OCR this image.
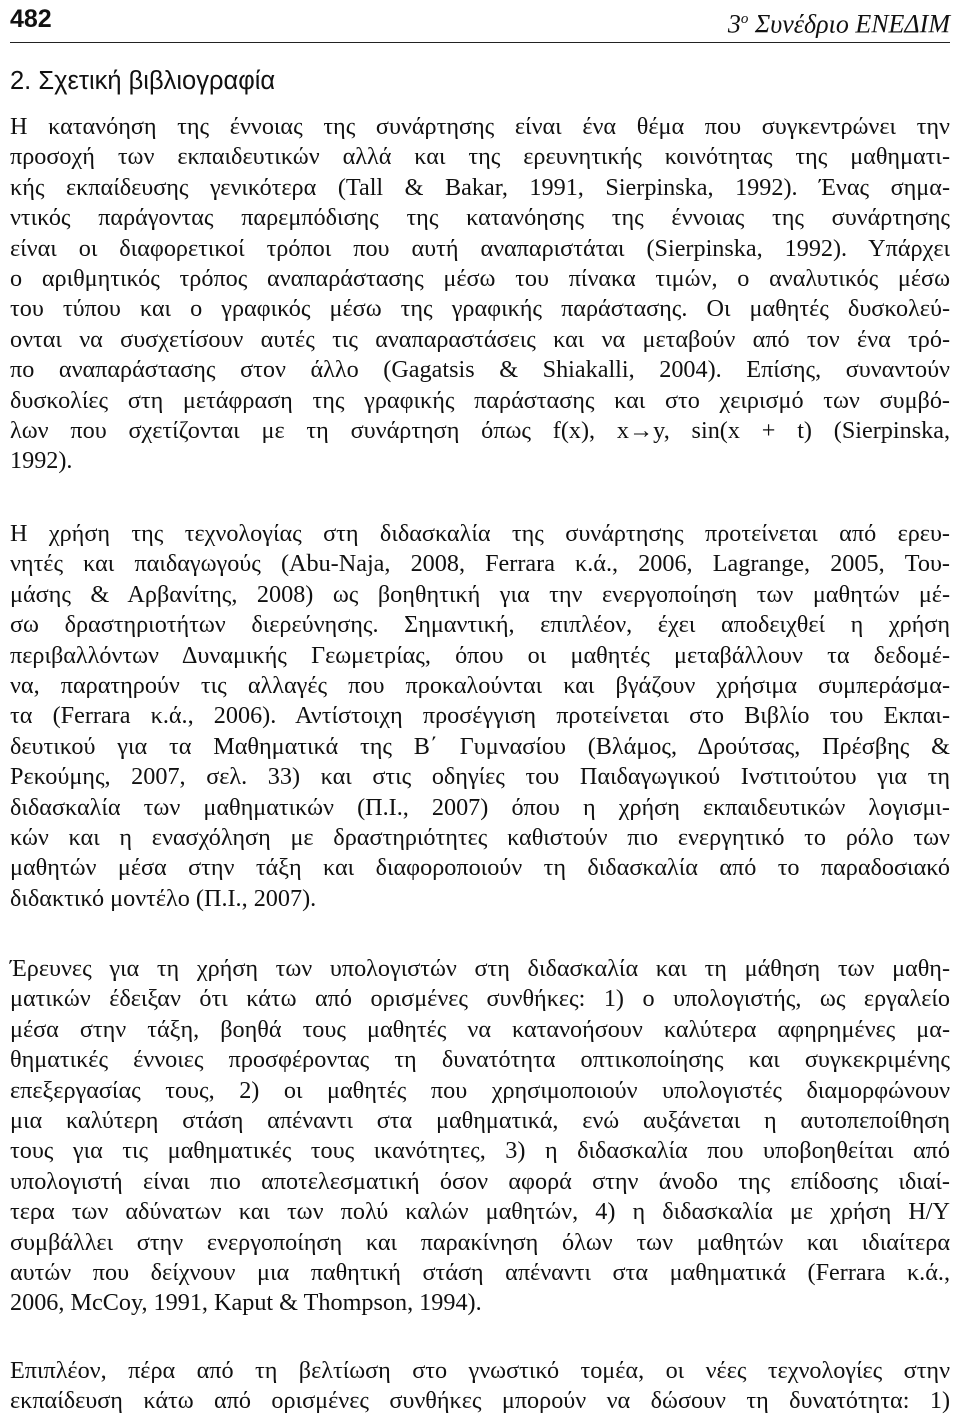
482	$3^o$ Συνέδριο ΕΝΕΔΙΜ
2. Σχετική βιβλιογραφία
Η κατανόηση της έννοιας της συνάρτησης είναι ένα θέμα που συγκεντρώνει την
προσοχή των εκπαιδευτικών αλλά και της ερευνητικής κοινότητας της μαθηματι-
κής εκπαίδευσης γενικότερα (Tall & Bakar, 1991, Sierpinska, 1992). Ένας σημα-
ντικός παράγοντας παρεμπόδισης της κατανόησης της έννοιας της συνάρτησης
είναι οι διαφορετικοί τρόποι που αυτή αναπαριστάται (Sierpinska, 1992). Υπάρχει
ο αριθμητικός τρόπος αναπαράστασης μέσω του πίνακα τιμών, ο αναλυτικός μέσω
του τύπου και ο γραφικός μέσω της γραφικής παράστασης. Οι μαθητές δυσκολεύ-
ονται να συσχετίσουν αυτές τις αναπαραστάσεις και να μεταβούν από τον ένα τρό-
πο αναπαράστασης στον άλλο (Gagatsis & Shiakalli, 2004). Επίσης, συναντούν
δυσκολίες στη μετάφραση της γραφικής παράστασης και στο χειρισμό των συμβό-
λων που σχετίζονται με τη συνάρτηση όπως f(x), x→y, sin(x + t) (Sierpinska,
1992).
Η χρήση της τεχνολογίας στη διδασκαλία της συνάρτησης προτείνεται από ερευ-
νητές και παιδαγωγούς (Abu-Naja, 2008, Ferrara κ.ά., 2006, Lagrange, 2005, Του-
μάσης & Αρβανίτης, 2008) ως βοηθητική για την ενεργοποίηση των μαθητών μέ-
σω δραστηριοτήτων διερεύνησης. Σημαντική, επιπλέον, έχει αποδειχθεί η χρήση
περιβαλλόντων Δυναμικής Γεωμετρίας, όπου οι μαθητές μεταβάλλουν τα δεδομέ-
να, παρατηρούν τις αλλαγές που προκαλούνται και βγάζουν χρήσιμα συμπεράσμα-
τα (Ferrara κ.ά., 2006). Αντίστοιχη προσέγγιση προτείνεται στο Βιβλίο του Εκπαι-
δευτικού για τα Μαθηματικά της Β΄ Γυμνασίου (Βλάμος, Δρούτσας, Πρέσβης &
Ρεκούμης, 2007, σελ. 33) και στις οδηγίες του Παιδαγωγικού Ινστιτούτου για τη
διδασκαλία των μαθηματικών (Π.Ι., 2007) όπου η χρήση εκπαιδευτικών λογισμι-
κών και η ενασχόληση με δραστηριότητες καθιστούν πιο ενεργητικό το ρόλο των
μαθητών μέσα στην τάξη και διαφοροποιούν τη διδασκαλία από το παραδοσιακό
διδακτικό μοντέλο (Π.Ι., 2007).
Έρευνες για τη χρήση των υπολογιστών στη διδασκαλία και τη μάθηση των μαθη-
ματικών έδειξαν ότι κάτω από ορισμένες συνθήκες: 1) ο υπολογιστής, ως εργαλείο
μέσα στην τάξη, βοηθά τους μαθητές να κατανοήσουν καλύτερα αφηρημένες μα-
θηματικές έννοιες προσφέροντας τη δυνατότητα οπτικοποίησης και συγκεκριμένης
επεξεργασίας τους, 2) οι μαθητές που χρησιμοποιούν υπολογιστές διαμορφώνουν
μια καλύτερη στάση απέναντι στα μαθηματικά, ενώ αυξάνεται η αυτοπεποίθηση
τους για τις μαθηματικές τους ικανότητες, 3) η διδασκαλία που υποβοηθείται από
υπολογιστή είναι πιο αποτελεσματική όσον αφορά στην άνοδο της επίδοσης ιδιαί-
τερα των αδύνατων και των πολύ καλών μαθητών, 4) η διδασκαλία με χρήση Η/Υ
συμβάλλει στην ενεργοποίηση και παρακίνηση όλων των μαθητών και ιδιαίτερα
αυτών που δείχνουν μια παθητική στάση απέναντι στα μαθηματικά (Ferrara κ.ά.,
2006, McCoy, 1991, Kaput & Thompson, 1994).
Επιπλέον, πέρα από τη βελτίωση στο γνωστικό τομέα, οι νέες τεχνολογίες στην
εκπαίδευση κάτω από ορισμένες συνθήκες μπορούν να δώσουν τη δυνατότητα: 1)
